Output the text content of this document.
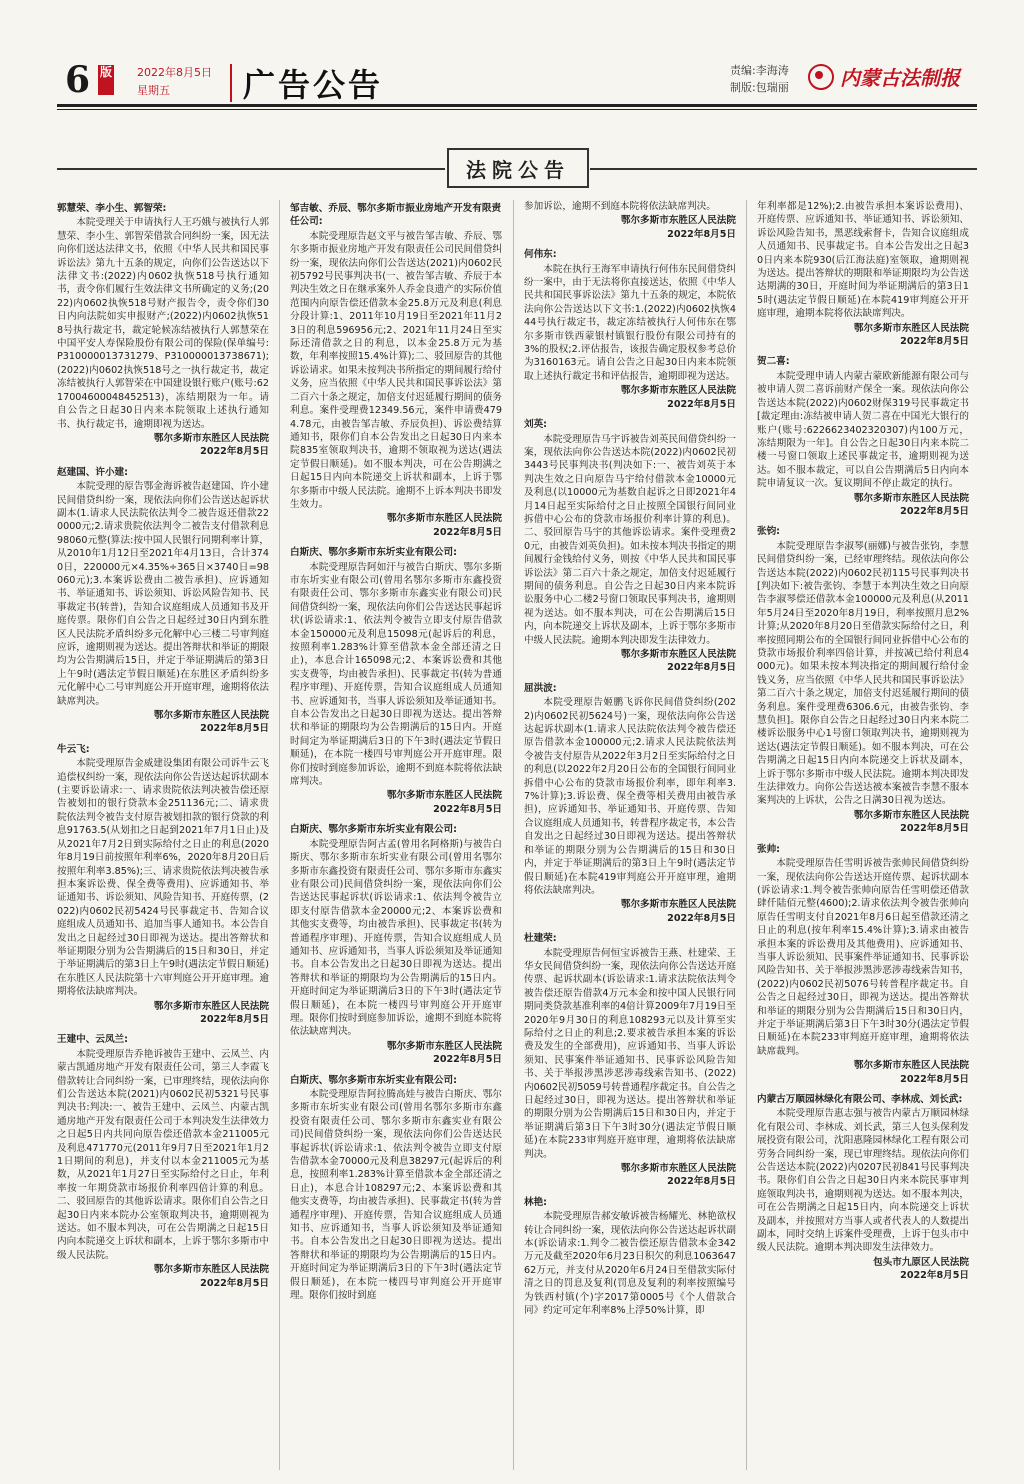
6 版 2022年8月5日
星期五	广告公告	责编:李海涛
制版:包瑞丽	内蒙古法制报
法院公告

郭慧荣、李小生、郭智荣:

本院受理关于申请执行人王巧娥与被执行人郭慧荣、李小生、郭智荣借款合同纠纷一案，因无法向你们送达法律文书，依照《中华人民共和国民事诉讼法》第九十五条的规定，向你们公告送达以下法律文书:(2022)内0602执恢518号执行通知书，责令你们履行生效法律文书所确定的义务;(2022)内0602执恢518号财产报告令，责令你们30日内向法院如实申报财产;(2022)内0602执恢518号执行裁定书，裁定轮候冻结被执行人郭慧荣在中国平安人寿保险股份有限公司的保险(保单编号:P310000013731279、P310000013738671);(2022)内0602执恢518号之一执行裁定书，裁定冻结被执行人郭智荣在中国建设银行账户(账号:6217004600048452513)，冻结期限为一年。请自公告之日起30日内来本院领取上述执行通知书、执行裁定书，逾期即视为送达。

鄂尔多斯市东胜区人民法院

2022年8月5日

赵建国、许小建:

本院受理的原告鄂金海诉被告赵建国、许小建民间借贷纠纷一案，现依法向你们公告送达起诉状副本(1.请求人民法院依法判令二被告返还借款220000元;2.请求贵院依法判令二被告支付借款利息98060元整(算法:按中国人民银行同期利率计算，从2010年1月12日至2021年4月13日，合计3740日，220000元×4.35%÷365日×3740日=98060元);3.本案诉讼费由二被告承担)、应诉通知书、举证通知书、诉讼须知、诉讼风险告知书、民事裁定书(转普)，告知合议庭组成人员通知书及开庭传票。限你们自公告之日起经过30日内到东胜区人民法院矛盾纠纷多元化解中心三楼二号审判庭应诉，逾期则视为送达。提出答辩状和举证的期限均为公告期满后15日，并定于举证期满后的第3日上午9时(遇法定节假日顺延)在东胜区矛盾纠纷多元化解中心二号审判庭公开开庭审理，逾期将依法缺席判决。

鄂尔多斯市东胜区人民法院

2022年8月5日

牛云飞:

本院受理原告金威建设集团有限公司诉牛云飞追偿权纠纷一案，现依法向你公告送达起诉状副本(主要诉讼请求:一、请求贵院依法判决被告偿还原告被划扣的银行贷款本金251136元;二、请求贵院依法判令被告支付原告被划扣款的银行贷款的利息91763.5(从划扣之日起到2021年7月1日止)及从2021年7月2日到实际给付之日止的利息(2020年8月19日前按照年利率6%，2020年8月20日后按照年利率3.85%);三、请求贵院依法判决被告承担本案诉讼费、保全费等费用)、应诉通知书、举证通知书、诉讼须知、风险告知书、开庭传票，(2022)内0602民初5424号民事裁定书、告知合议庭组成人员通知书、追加当事人通知书。本公告自发出之日起经过30日即视为送达。提出答辩状和举证期限分别为公告期满后的15日和30日，并定于举证期满后的第3日上午9时(遇法定节假日顺延)在东胜区人民法院第十六审判庭公开开庭审理。逾期将依法缺席判决。

鄂尔多斯市东胜区人民法院

2022年8月5日

王建中、云凤兰:

本院受理原告乔艳诉被告王建中、云凤兰、内蒙古凯通房地产开发有限责任公司，第三人李霞飞借款转让合同纠纷一案，已审理终结，现依法向你们公告送达本院(2021)内0602民初5321号民事判决书:判决:一、被告王建中、云凤兰、内蒙古凯通房地产开发有限责任公司于本判决发生法律效力之日起5日内共同向原告偿还借款本金211005元及利息471770元(2011年9月7日至2021年1月21日期间的利息)，并支付以本金211005元为基数，从2021年1月27日至实际给付之日止，年利率按一年期贷款市场报价利率四倍计算的利息。二、驳回原告的其他诉讼请求。限你们自公告之日起30日内来本院办公室领取判决书，逾期则视为送达。如不服本判决，可在公告期满之日起15日内向本院递交上诉状和副本，上诉于鄂尔多斯市中级人民法院。

鄂尔多斯市东胜区人民法院

2022年8月5日

邹吉敏、乔辰、鄂尔多斯市振业房地产开发有限责任公司:

本院受理原告赵文平与被告邹吉敏、乔辰、鄂尔多斯市振业房地产开发有限责任公司民间借贷纠纷一案，现依法向你们公告送达(2021)内0602民初5792号民事判决书(一、被告邹吉敏、乔辰于本判决生效之日在继承案外人乔金良遗产的实际价值范围内向原告偿还借款本金25.8万元及利息(利息分段计算:1、2011年10月19日至2021年11月23日的利息596956元;2、2021年11月24日至实际还清借款之日的利息，以本金25.8万元为基数，年利率按照15.4%计算);二、驳回原告的其他诉讼请求。如果未按判决书所指定的期间履行给付义务，应当依照《中华人民共和国民事诉讼法》第二百六十条之规定，加倍支付迟延履行期间的债务利息。案件受理费12349.56元，案件申请费4794.78元，由被告邹吉敏、乔辰负担)、诉讼费结算通知书，限你们自本公告发出之日起30日内来本院835室领取判决书，逾期不领取视为送达(遇法定节假日顺延)。如不服本判决，可在公告期满之日起15日内向本院递交上诉状和副本，上诉于鄂尔多斯市中级人民法院。逾期不上诉本判决书即发生效力。

鄂尔多斯市东胜区人民法院

2022年8月5日

白斯庆、鄂尔多斯市东圻实业有限公司:

本院受理原告阿如汗与被告白斯庆、鄂尔多斯市东圻实业有限公司(曾用名鄂尔多斯市东鑫投资有限责任公司、鄂尔多斯市东鑫实业有限公司)民间借贷纠纷一案，现依法向你们公告送达民事起诉状(诉讼请求:1、依法判令被告立即支付原告借款本金150000元及利息15098元(起诉后的利息，按照利率1.283%计算至借款本金全部还清之日止)，本息合计165098元;2、本案诉讼费和其他实支费等，均由被告承担)、民事裁定书(转为普通程序审理)、开庭传票，告知合议庭组成人员通知书、应诉通知书，当事人诉讼须知及举证通知书。自本公告发出之日起30日即视为送达。提出答辩状和举证的期限均为公告期满后的15日内。开庭时间定为举证期满后3日的下午3时(遇法定节假日顺延)，在本院一楼四号审判庭公开开庭审理。限你们按时到庭参加诉讼，逾期不到庭本院将依法缺席判决。

鄂尔多斯市东胜区人民法院

2022年8月5日

白斯庆、鄂尔多斯市东圻实业有限公司:

本院受理原告阿古孟(曾用名阿格斯)与被告白斯庆、鄂尔多斯市东圻实业有限公司(曾用名鄂尔多斯市东鑫投资有限责任公司、鄂尔多斯市东鑫实业有限公司)民间借贷纠纷一案，现依法向你们公告送达民事起诉状(诉讼请求:1、依法判令被告立即支付原告借款本金20000元;2、本案诉讼费和其他实支费等，均由被告承担)、民事裁定书(转为普通程序审理)、开庭传票，告知合议庭组成人员通知书、应诉通知书，当事人诉讼须知及举证通知书。自本公告发出之日起30日即视为送达。提出答辩状和举证的期限均为公告期满后的15日内。开庭时间定为举证期满后3日的下午3时(遇法定节假日顺延)，在本院一楼四号审判庭公开开庭审理。限你们按时到庭参加诉讼，逾期不到庭本院将依法缺席判决。

鄂尔多斯市东胜区人民法院

2022年8月5日

白斯庆、鄂尔多斯市东圻实业有限公司:

本院受理原告阿拉腾高娃与被告白斯庆、鄂尔多斯市东圻实业有限公司(曾用名鄂尔多斯市东鑫投资有限责任公司、鄂尔多斯市东鑫实业有限公司)民间借贷纠纷一案，现依法向你们公告送达民事起诉状(诉讼请求:1、依法判令被告立即支付原告借款本金70000元及利息38297元(起诉后的利息，按照利率1.283%计算至借款本金全部还清之日止)，本息合计108297元;2、本案诉讼费和其他实支费等，均由被告承担)、民事裁定书(转为普通程序审理)、开庭传票，告知合议庭组成人员通知书、应诉通知书，当事人诉讼须知及举证通知书。自本公告发出之日起30日即视为送达。提出答辩状和举证的期限均为公告期满后的15日内。开庭时间定为举证期满后3日的下午3时(遇法定节假日顺延)，在本院一楼四号审判庭公开开庭审理。限你们按时到庭

参加诉讼，逾期不到庭本院将依法缺席判决。

鄂尔多斯市东胜区人民法院

2022年8月5日

何伟东:

本院在执行王海军申请执行何伟东民间借贷纠纷一案中，由于无法将你直接送达，依照《中华人民共和国民事诉讼法》第九十五条的规定，本院依法向你公告送达以下文书:1.(2022)内0602执恢444号执行裁定书，裁定冻结被执行人何伟东在鄂尔多斯市铁西蒙银村镇银行股份有限公司持有的3%的股权;2.评估报告，该报告确定股权参考总价为3160163元。请自公告之日起30日内来本院领取上述执行裁定书和评估报告，逾期即视为送达。

鄂尔多斯市东胜区人民法院

2022年8月5日

刘英:

本院受理原告马宇诉被告刘英民间借贷纠纷一案，现依法向你公告送达本院(2022)内0602民初3443号民事判决书(判决如下:一、被告刘英于本判决生效之日向原告马宇给付借款本金10000元及利息(以10000元为基数自起诉之日即2021年4月14日起至实际给付之日止按照全国银行间同业拆借中心公布的贷款市场报价利率计算的利息)。二、驳回原告马宇的其他诉讼请求。案件受理费20元，由被告刘英负担)。如未按本判决书指定的期间履行金钱给付义务，则按《中华人民共和国民事诉讼法》第二百六十条之规定，加倍支付迟延履行期间的债务利息。自公告之日起30日内来本院诉讼服务中心二楼2号窗口领取民事判决书，逾期则视为送达。如不服本判决，可在公告期满后15日内，向本院递交上诉状及副本，上诉于鄂尔多斯市中级人民法院。逾期本判决即发生法律效力。

鄂尔多斯市东胜区人民法院

2022年8月5日

屈洪波:

本院受理原告姬鹏飞诉你民间借贷纠纷(2022)内0602民初5624号)一案，现依法向你公告送达起诉状副本(1.请求人民法院依法判令被告偿还原告借款本金100000元;2.请求人民法院依法判令被告支付原告从2022年3月2日至实际给付之日的利息(以2022年2月20日公布的全国银行间同业拆借中心公布的贷款市场报价利率，即年利率3.7%计算);3.诉讼费、保全费等相关费用由被告承担)，应诉通知书、举证通知书、开庭传票、告知合议庭组成人员通知书，转普程序裁定书，本公告自发出之日起经过30日即视为送达。提出答辩状和举证的期限分别为公告期满后的15日和30日内，并定于举证期满后的第3日上午9时(遇法定节假日顺延)在本院419审判庭公开开庭审理，逾期将依法缺席判决。

鄂尔多斯市东胜区人民法院

2022年8月5日

杜建荣:

本院受理原告何恒宝诉被告王燕、杜建荣、王华女民间借贷纠纷一案，现依法向你公告送达开庭传票、起诉状副本(诉讼请求:1.请求法院依法判令被告偿还原告借款4万元本金和按中国人民银行同期同类贷款基准利率的4倍计算2009年7月19日至2020年9月30日的利息108293元以及计算至实际给付之日止的利息;2.要求被告承担本案的诉讼费及发生的全部费用)，应诉通知书、当事人诉讼须知、民事案件举证通知书、民事诉讼风险告知书、关于举报涉黑涉恶涉毒线索告知书、(2022)内0602民初5059号转普通程序裁定书。自公告之日起经过30日，即视为送达。提出答辩状和举证的期限分别为公告期满后15日和30日内，并定于举证期满后第3日下午3时30分(遇法定节假日顺延)在本院233审判庭开庭审理，逾期将依法缺席判决。

鄂尔多斯市东胜区人民法院

2022年8月5日

林艳:

本院受理原告郝安敏诉被告杨耀光、林艳欲权转让合同纠纷一案，现依法向你公告送达起诉状副本(诉讼请求:1.判令二被告偿还原告借款本金342万元及截至2020年6月23日积欠的利息106364762万元，并支付从2020年6月24日至借款实际付清之日的罚息及复利(罚息及复利的利率按照编号为铁西村镇(个)字2017第0005号《个人借款合同》约定可定年利率8%上浮50%计算，即

年利率都是12%);2.由被告承担本案诉讼费用)、开庭传票、应诉通知书、举证通知书、诉讼须知、诉讼风险告知书，黑恶线索督卡，告知合议庭组成人员通知书、民事裁定书。自本公告发出之日起30日内来本院930(后江海法庭)室领取，逾期则视为送达。提出答辩状的期限和举证期限均为公告送达期满的30日，开庭时间为举证期满后的第3日15时(遇法定节假日顺延)在本院419审判庭公开开庭审理，逾期本院将依法缺席判决。

鄂尔多斯市东胜区人民法院

2022年8月5日

贺二喜:

本院受理申请人内蒙古蒙欧新能源有限公司与被申请人贺二喜诉前财产保全一案。现依法向你公告送达本院(2022)内0602财保319号民事裁定书[裁定理由:冻结被申请人贺二喜在中国光大银行的账户(账号:6226623402320307)内100万元，冻结期限为一年]。自公告之日起30日内来本院二楼一号窗口领取上述民事裁定书，逾期则视为送达。如不服本裁定，可以自公告期满后5日内向本院申请复议一次。复议期间不停止裁定的执行。

鄂尔多斯市东胜区人民法院

2022年8月5日

张钧:

本院受理原告李淑琴(丽娜)与被告张钧，李慧民间借贷纠纷一案，已经审理终结。现依法向你公告送达本院(2022)内0602民初115号民事判决书[判决如下:被告张钧、李慧于本判决生效之日向原告李淑琴偿还借款本金100000元及利息(从2011年5月24日至2020年8月19日，利率按照月息2%计算;从2020年8月20日至借款实际给付之日，利率按照同期公布的全国银行间同业拆借中心公布的贷款市场报价利率四倍计算，并按减已给付利息4000元)。如果未按本判决指定的期间履行给付金钱义务，应当依照《中华人民共和国民事诉讼法》第二百六十条之规定，加倍支付迟延履行期间的债务利息。案件受理费6306.6元，由被告张钧、李慧负担]。限你自公告之日起经过30日内来本院二楼诉讼服务中心1号窗口领取判决书，逾期则视为送达(遇法定节假日顺延)。如不服本判决，可在公告期满之日起15日内向本院递交上诉状及副本，上诉于鄂尔多斯市中级人民法院。逾期本判决即发生法律效力。向你公告送达被本案被告李慧不服本案判决的上诉状，公告之日满30日视为送达。

鄂尔多斯市东胜区人民法院

2022年8月5日

张帅:

本院受理原告任雪明诉被告张帅民间借贷纠纷一案，现依法向你公告送达开庭传票、起诉状副本(诉讼请求:1.判令被告张帅向原告任雪明偿还借款肆仟陆佰元整(4600);2.请求依法判令被告张帅向原告任雪明支付自2021年8月6日起至借款还清之日止的利息(按年利率15.4%计算);3.请求由被告承担本案的诉讼费用及其他费用)、应诉通知书、当事人诉讼须知、民事案件举证通知书、民事诉讼风险告知书、关于举报涉黑涉恶涉毒线索告知书，(2022)内0602民初5076号转普程序裁定书。自公告之日起经过30日，即视为送达。提出答辩状和举证的期限分别为公告期满后15日和30日内，并定于举证期满后第3日下午3时30分(遇法定节假日顺延)在本院233审判庭开庭审理，逾期将依法缺席裁判。

鄂尔多斯市东胜区人民法院

2022年8月5日

内蒙古万顺园林绿化有限公司、李林成、刘长武:

本院受理原告惠志强与被告内蒙古万顺园林绿化有限公司、李林成、刘长武，第三人包头保利发展投资有限公司，沈阳惠隆园林绿化工程有限公司劳务合同纠纷一案，现已审理终结。现依法向你们公告送达本院(2022)内0207民初841号民事判决书。限你们自公告之日起30日内来本院民事审判庭领取判决书，逾期则视为送达。如不服本判决，可在公告期满之日起15日内，向本院递交上诉状及副本，并按照对方当事人或者代表人的人数提出副本，同时交纳上诉案件受理费，上诉于包头市中级人民法院。逾期本判决即发生法律效力。

包头市九原区人民法院

2022年8月5日
